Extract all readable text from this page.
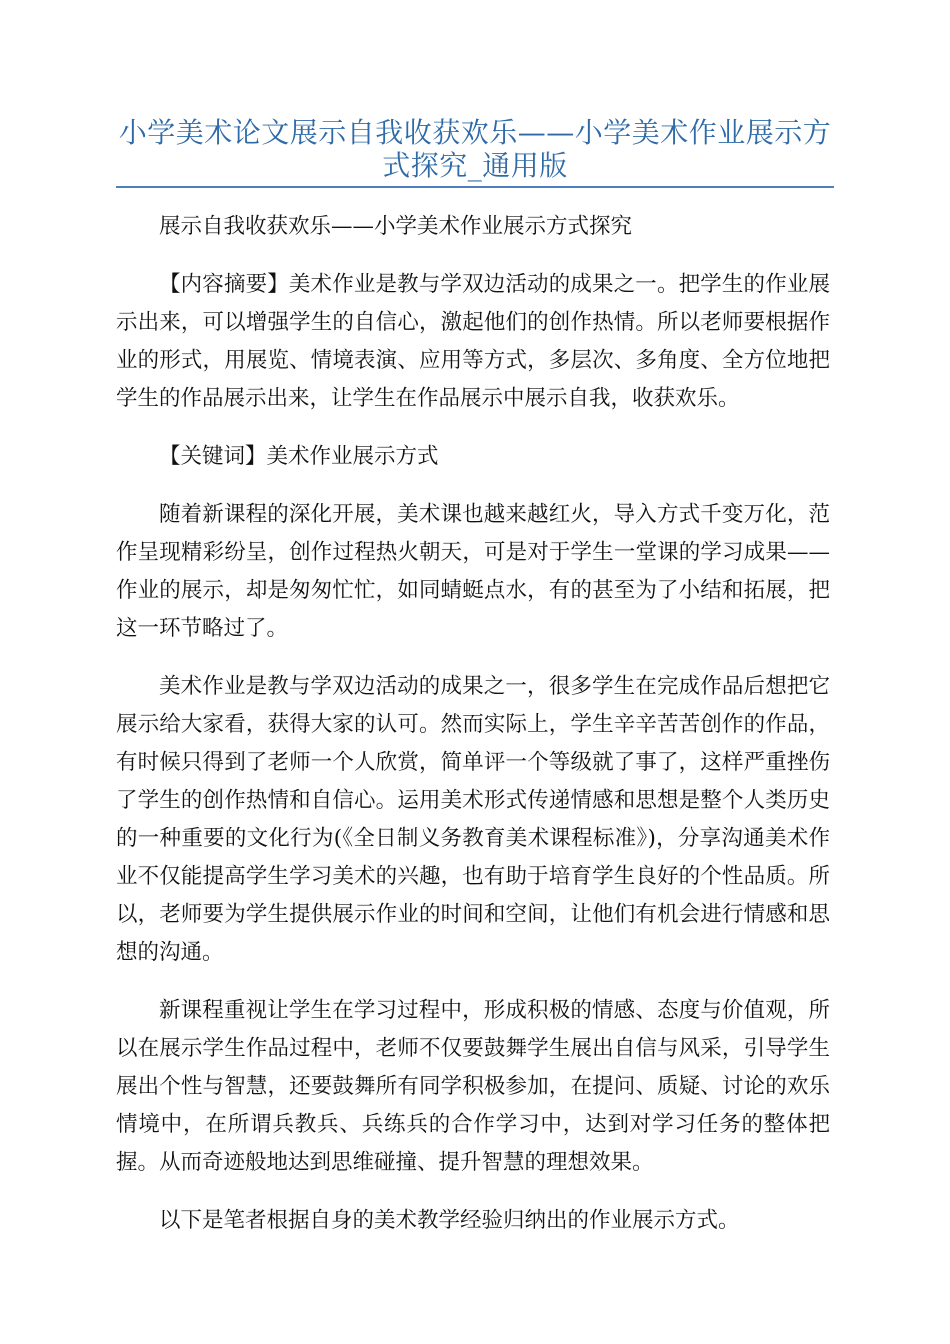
小学美术论文展示自我收获欢乐——小学美术作业展示方式探究_通用版

展示自我收获欢乐——小学美术作业展示方式探究

【内容摘要】美术作业是教与学双边活动的成果之一。把学生的作业展示出来，可以增强学生的自信心，激起他们的创作热情。所以老师要根据作业的形式，用展览、情境表演、应用等方式，多层次、多角度、全方位地把学生的作品展示出来，让学生在作品展示中展示自我，收获欢乐。

【关键词】美术作业展示方式

随着新课程的深化开展，美术课也越来越红火，导入方式千变万化，范作呈现精彩纷呈，创作过程热火朝天，可是对于学生一堂课的学习成果——作业的展示，却是匆匆忙忙，如同蜻蜓点水，有的甚至为了小结和拓展，把这一环节略过了。

美术作业是教与学双边活动的成果之一，很多学生在完成作品后想把它展示给大家看，获得大家的认可。然而实际上，学生辛辛苦苦创作的作品，有时候只得到了老师一个人欣赏，简单评一个等级就了事了，这样严重挫伤了学生的创作热情和自信心。运用美术形式传递情感和思想是整个人类历史的一种重要的文化行为(《全日制义务教育美术课程标准》)，分享沟通美术作业不仅能提高学生学习美术的兴趣，也有助于培育学生良好的个性品质。所以，老师要为学生提供展示作业的时间和空间，让他们有机会进行情感和思想的沟通。

新课程重视让学生在学习过程中，形成积极的情感、态度与价值观，所以在展示学生作品过程中，老师不仅要鼓舞学生展出自信与风采，引导学生展出个性与智慧，还要鼓舞所有同学积极参加，在提问、质疑、讨论的欢乐情境中，在所谓兵教兵、兵练兵的合作学习中，达到对学习任务的整体把握。从而奇迹般地达到思维碰撞、提升智慧的理想效果。

以下是笔者根据自身的美术教学经验归纳出的作业展示方式。
